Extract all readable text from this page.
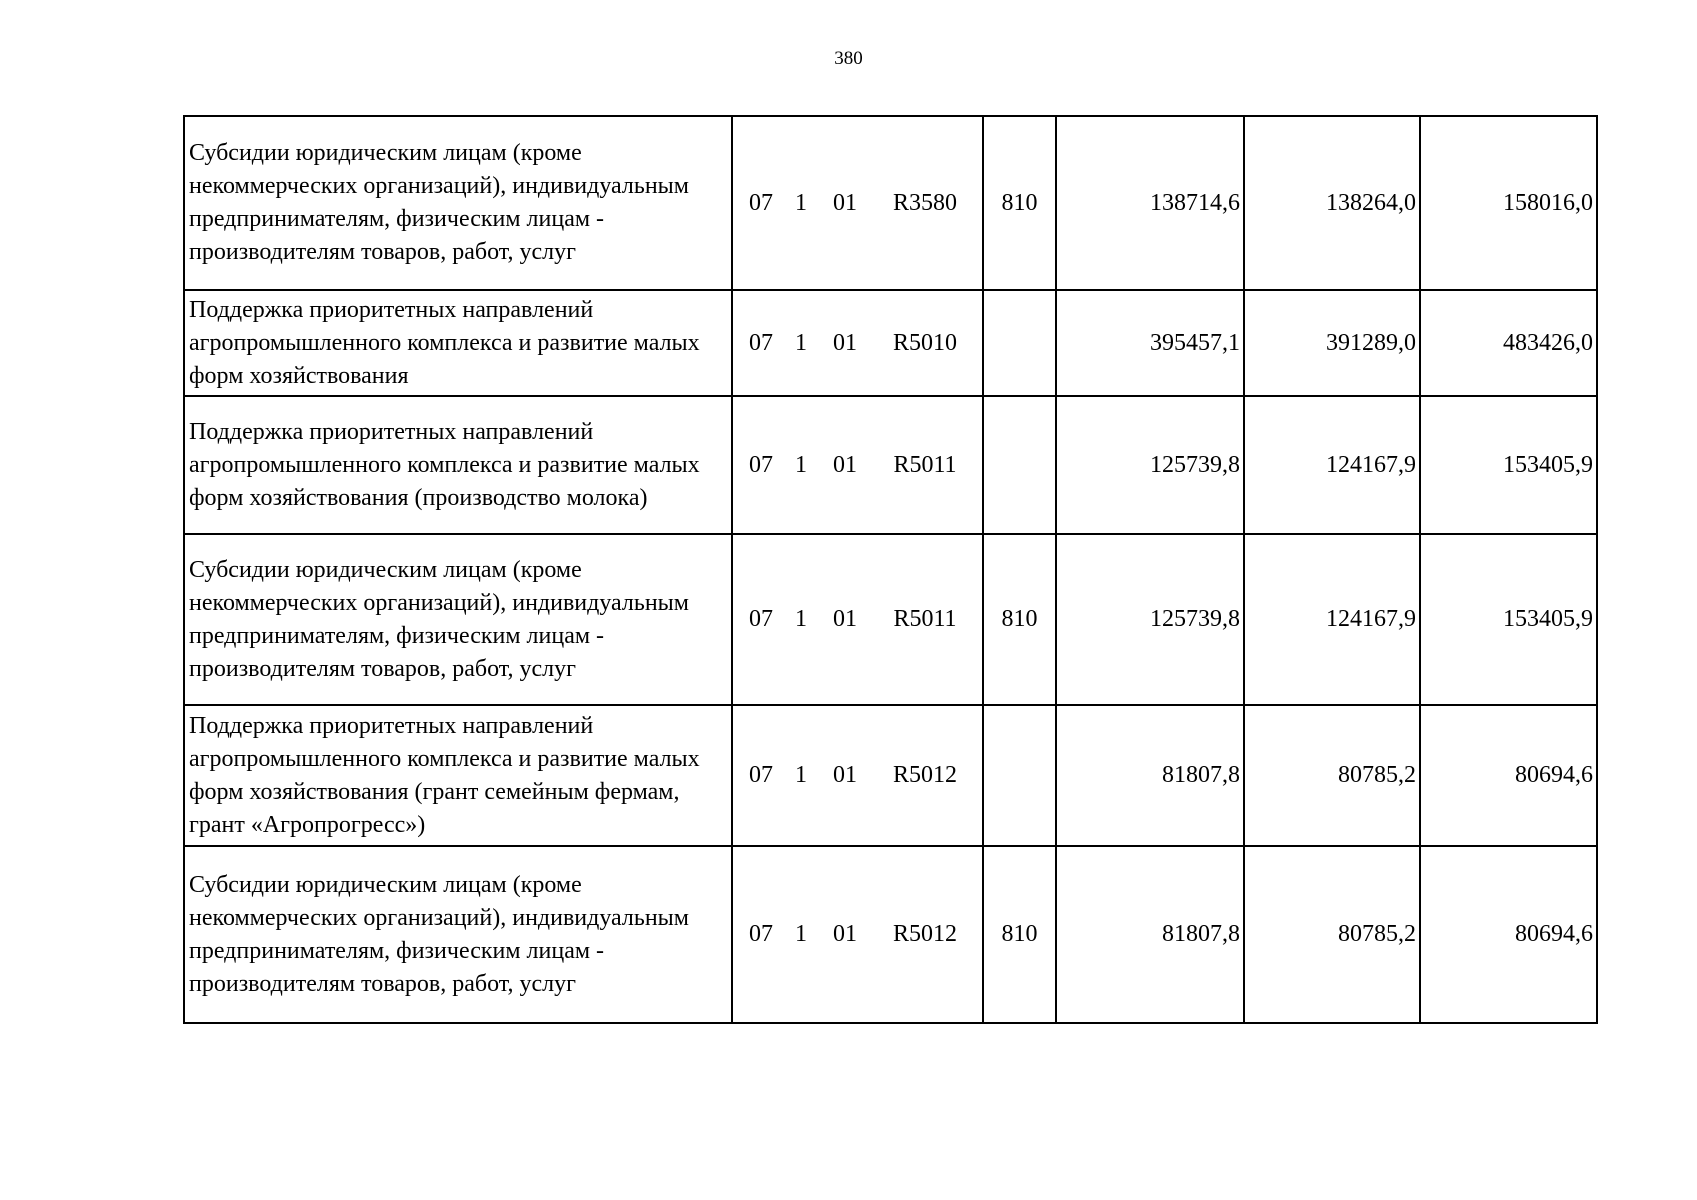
380
Субсидии юридическим лицам (кроме некоммерческих организаций), индивидуальным предпринимателям, физическим лицам - производителям товаров, работ, услуг	07 1 01 R3580	810	138714,6	138264,0	158016,0
Поддержка приоритетных направлений агропромышленного комплекса и развитие малых форм хозяйствования	07 1 01 R5010		395457,1	391289,0	483426,0
Поддержка приоритетных направлений агропромышленного комплекса и развитие малых форм хозяйствования (производство молока)	07 1 01 R5011		125739,8	124167,9	153405,9
Субсидии юридическим лицам (кроме некоммерческих организаций), индивидуальным предпринимателям, физическим лицам - производителям товаров, работ, услуг	07 1 01 R5011	810	125739,8	124167,9	153405,9
Поддержка приоритетных направлений агропромышленного комплекса и развитие малых форм хозяйствования (грант семейным фермам, грант «Агропрогресс»)	07 1 01 R5012		81807,8	80785,2	80694,6
Субсидии юридическим лицам (кроме некоммерческих организаций), индивидуальным предпринимателям, физическим лицам - производителям товаров, работ, услуг	07 1 01 R5012	810	81807,8	80785,2	80694,6
